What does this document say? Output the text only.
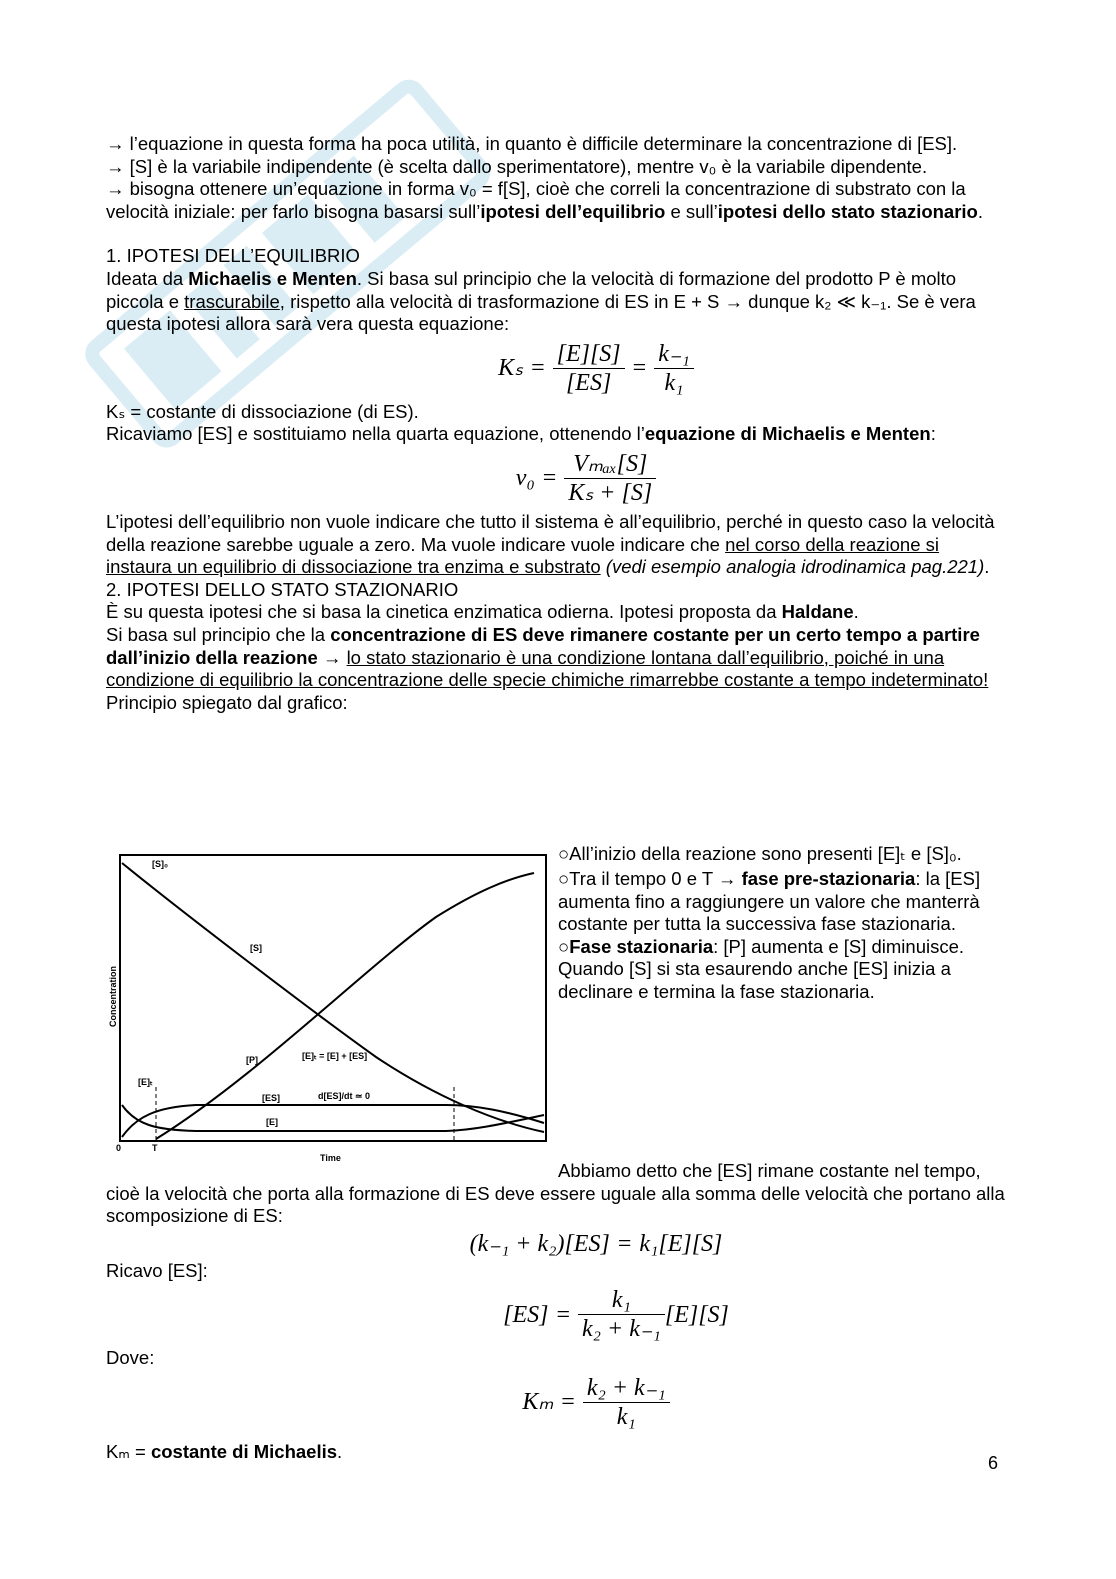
→ l’equazione in questa forma ha poca utilità, in quanto è difficile determinare la concentrazione di [ES].

→ [S] è la variabile indipendente (è scelta dallo sperimentatore), mentre v₀ è la variabile dipendente.

→ bisogna ottenere un’equazione in forma v₀ = f[S], cioè che correli la concentrazione di substrato con la velocità iniziale: per farlo bisogna basarsi sull’ipotesi dell’equilibrio e sull’ipotesi dello stato stazionario.

1. IPOTESI DELL’EQUILIBRIO

Ideata da Michaelis e Menten. Si basa sul principio che la velocità di formazione del prodotto P è molto piccola e trascurabile, rispetto alla velocità di trasformazione di ES in E + S → dunque k₂ ≪ k₋₁. Se è vera questa ipotesi allora sarà vera questa equazione:

$K_s = \frac{[E][S]}{[ES]} = \frac{\text{k₋₁}}{\text{k₁}}$

Kₛ = costante di dissociazione (di ES).

Ricaviamo [ES] e sostituiamo nella quarta equazione, ottenendo l’equazione di Michaelis e Menten:

$v_0 = \frac{\text{Vₘₐₓ[S]}}{\text{Kₛ + [S]}}$

L’ipotesi dell’equilibrio non vuole indicare che tutto il sistema è all’equilibrio, perché in questo caso la velocità della reazione sarebbe uguale a zero. Ma vuole indicare vuole indicare che nel corso della reazione si instaura un equilibrio di dissociazione tra enzima e substrato (vedi esempio analogia idrodinamica pag.221).

2. IPOTESI DELLO STATO STAZIONARIO

È su questa ipotesi che si basa la cinetica enzimatica odierna. Ipotesi proposta da Haldane.

Si basa sul principio che la concentrazione di ES deve rimanere costante per un certo tempo a partire dall’inizio della reazione → lo stato stazionario è una condizione lontana dall’equilibrio, poiché in una condizione di equilibrio la concentrazione delle specie chimiche rimarrebbe costante a tempo indeterminato!

Principio spiegato dal grafico:

[S]₀
[S]
[P]	[E]ₜ = [E] + [ES]
[E]ₜ
[ES]
[E]
d[ES]/dt ≃ 0
0	T
Time
Concentration

○All’inizio della reazione sono presenti [E]ₜ e [S]₀.

○Tra il tempo 0 e T → fase pre-stazionaria: la [ES] aumenta fino a raggiungere un valore che manterrà costante per tutta la successiva fase stazionaria.

○Fase stazionaria: [P] aumenta e [S] diminuisce. Quando [S] si sta esaurendo anche [ES] inizia a declinare e termina la fase stazionaria.

Abbiamo detto che [ES] rimane costante nel tempo, cioè la velocità che porta alla formazione di ES deve essere uguale alla somma delle velocità che portano alla scomposizione di ES:

(k₋₁ + k₂)[ES] = k₁[E][S]

Ricavo [ES]:

$[ES] = \frac{\text{k₁}}{\text{k₂ + k₋₁}} [E][S]$

Dove:

$K_m = \frac{\text{k₂ + k₋₁}}{\text{k₁}}$

Kₘ = costante di Michaelis.

6
